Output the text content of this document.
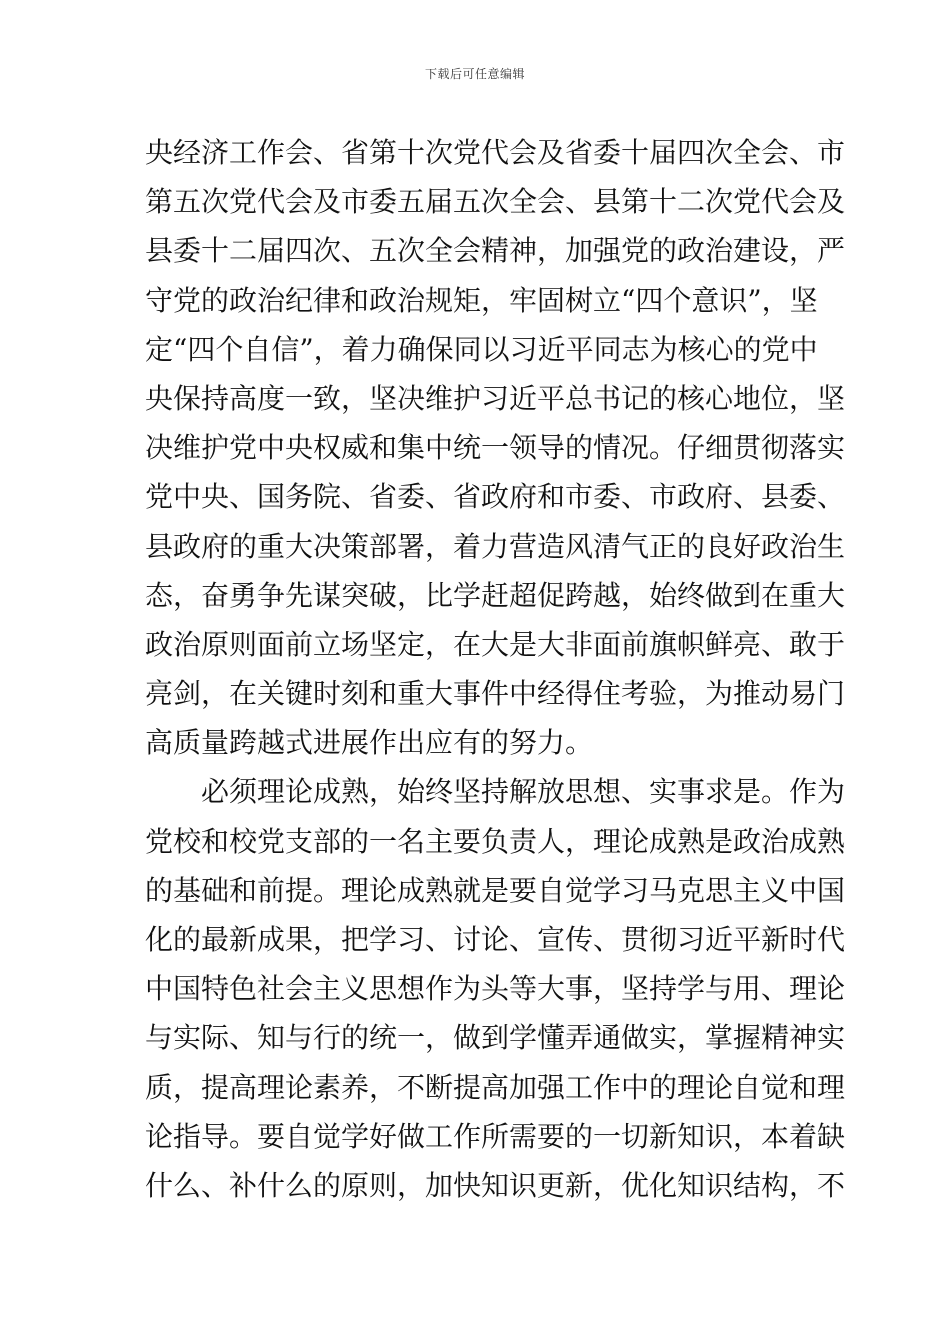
下载后可任意编辑
央经济工作会、省第十次党代会及省委十届四次全会、市
第五次党代会及市委五届五次全会、县第十二次党代会及
县委十二届四次、五次全会精神，加强党的政治建设，严
守党的政治纪律和政治规矩，牢固树立“四个意识”，坚
定“四个自信”，着力确保同以习近平同志为核心的党中
央保持高度一致，坚决维护习近平总书记的核心地位，坚
决维护党中央权威和集中统一领导的情况。仔细贯彻落实
党中央、国务院、省委、省政府和市委、市政府、县委、
县政府的重大决策部署，着力营造风清气正的良好政治生
态，奋勇争先谋突破，比学赶超促跨越，始终做到在重大
政治原则面前立场坚定，在大是大非面前旗帜鲜亮、敢于
亮剑，在关键时刻和重大事件中经得住考验，为推动易门
高质量跨越式进展作出应有的努力。
必须理论成熟，始终坚持解放思想、实事求是。作为
党校和校党支部的一名主要负责人，理论成熟是政治成熟
的基础和前提。理论成熟就是要自觉学习马克思主义中国
化的最新成果，把学习、讨论、宣传、贯彻习近平新时代
中国特色社会主义思想作为头等大事，坚持学与用、理论
与实际、知与行的统一，做到学懂弄通做实，掌握精神实
质，提高理论素养，不断提高加强工作中的理论自觉和理
论指导。要自觉学好做工作所需要的一切新知识，本着缺
什么、补什么的原则，加快知识更新，优化知识结构，不
